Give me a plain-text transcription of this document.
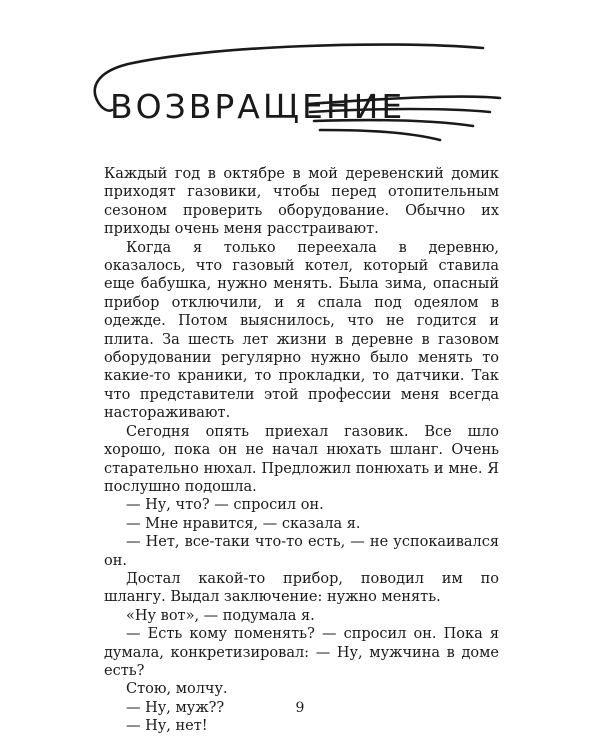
ВОЗВРАЩЕНИЕ

Каждый год в октябре в мой деревенский домик приходят газовики, чтобы перед отопительным сезоном проверить оборудование. Обычно их приходы очень меня расстраивают.

Когда я только переехала в деревню, оказалось, что газовый котел, который ставила еще бабушка, нужно менять. Была зима, опасный прибор отключили, и я спала под одеялом в одежде. Потом выяснилось, что не годится и плита. За шесть лет жизни в деревне в газовом оборудовании регулярно нужно было менять то какие-то краники, то прокладки, то датчики. Так что представители этой профессии меня всегда настораживают.

Сегодня опять приехал газовик. Все шло хорошо, пока он не начал нюхать шланг. Очень старательно нюхал. Предложил понюхать и мне. Я послушно подошла.

— Ну, что? — спросил он.

— Мне нравится, — сказала я.

— Нет, все-таки что-то есть, — не успокаивался он.

Достал какой-то прибор, поводил им по шлангу. Выдал заключение: нужно менять.

«Ну вот», — подумала я.

— Есть кому поменять? — спросил он. Пока я думала, конкретизировал: — Ну, мужчина в доме есть?

Стою, молчу.

— Ну, муж??

— Ну, нет!

9
